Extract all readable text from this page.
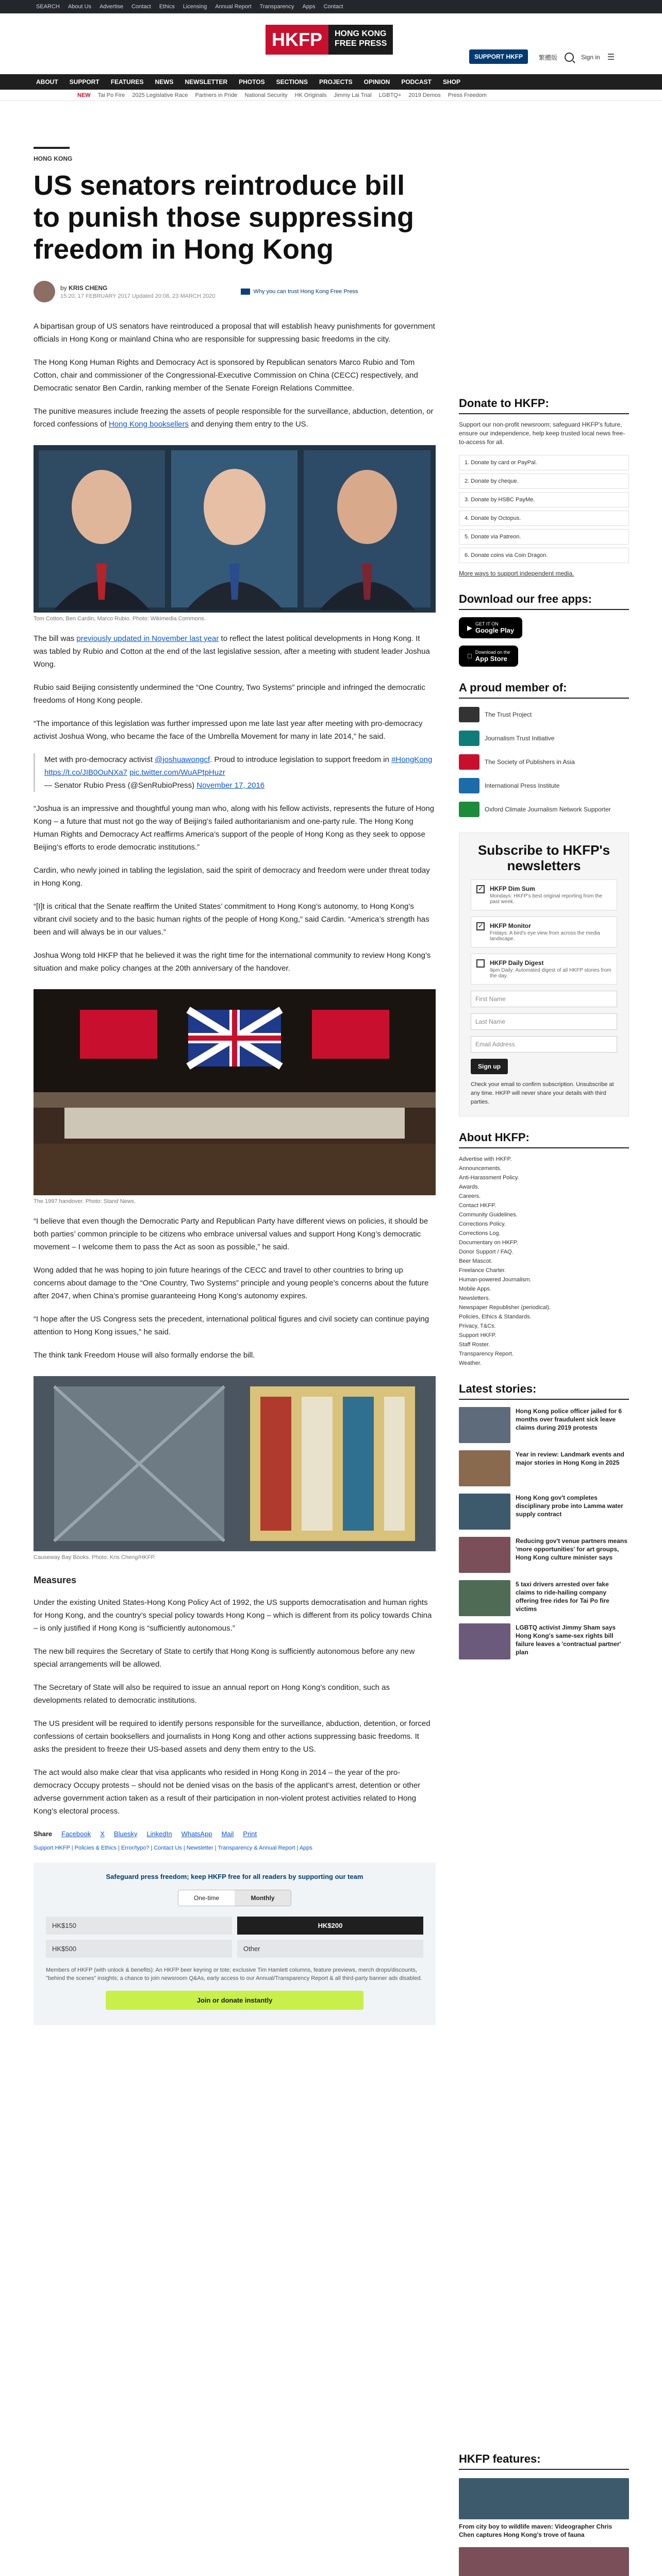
SEARCH About Us Advertise Contact Ethics Licensing Annual Report Transparency Apps Contact
HKFP	HONG KONG
FREE PRESS
SUPPORT HKFP	繁體版	Sign in ☰
ABOUT SUPPORT FEATURES NEWS NEWSLETTER PHOTOS SECTIONS PROJECTS OPINION PODCAST SHOP
NEW Tai Po Fire 2025 Legislative Race Partners in Pride National Security HK Originals Jimmy Lai Trial LGBTQ+ 2019 Demos Press Freedom
HONG KONG
US senators reintroduce bill to punish those suppressing freedom in Hong Kong
by KRIS CHENG
15:20, 17 FEBRUARY 2017 Updated 20:08, 23 MARCH 2020
Why you can trust Hong Kong Free Press

A bipartisan group of US senators have reintroduced a proposal that will establish heavy punishments for government officials in Hong Kong or mainland China who are responsible for suppressing basic freedoms in the city.

The Hong Kong Human Rights and Democracy Act is sponsored by Republican senators Marco Rubio and Tom Cotton, chair and commissioner of the Congressional-Executive Commission on China (CECC) respectively, and Democratic senator Ben Cardin, ranking member of the Senate Foreign Relations Committee.

The punitive measures include freezing the assets of people responsible for the surveillance, abduction, detention, or forced confessions of Hong Kong booksellers and denying them entry to the US.

Tom Cotton, Ben Cardin, Marco Rubio. Photo: Wikimedia Commons.

The bill was previously updated in November last year to reflect the latest political developments in Hong Kong. It was tabled by Rubio and Cotton at the end of the last legislative session, after a meeting with student leader Joshua Wong.

Rubio said Beijing consistently undermined the “One Country, Two Systems” principle and infringed the democratic freedoms of Hong Kong people.

“The importance of this legislation was further impressed upon me late last year after meeting with pro-democracy activist Joshua Wong, who became the face of the Umbrella Movement for many in late 2014,” he said.

Met with pro-democracy activist @joshuawongcf. Proud to introduce legislation to support freedom in #HongKong https://t.co/JIB0OuNXa7 pic.twitter.com/WuAPtpHuzr
— Senator Rubio Press (@SenRubioPress) November 17, 2016

“Joshua is an impressive and thoughtful young man who, along with his fellow activists, represents the future of Hong Kong – a future that must not go the way of Beijing’s failed authoritarianism and one-party rule. The Hong Kong Human Rights and Democracy Act reaffirms America’s support of the people of Hong Kong as they seek to oppose Beijing’s efforts to erode democratic institutions.”

Cardin, who newly joined in tabling the legislation, said the spirit of democracy and freedom were under threat today in Hong Kong.

“[I]t is critical that the Senate reaffirm the United States’ commitment to Hong Kong’s autonomy, to Hong Kong’s vibrant civil society and to the basic human rights of the people of Hong Kong,” said Cardin. “America’s strength has been and will always be in our values.”

Joshua Wong told HKFP that he believed it was the right time for the international community to review Hong Kong’s situation and make policy changes at the 20th anniversary of the handover.

The 1997 handover. Photo: Stand News.

“I believe that even though the Democratic Party and Republican Party have different views on policies, it should be both parties’ common principle to be citizens who embrace universal values and support Hong Kong’s democratic movement – I welcome them to pass the Act as soon as possible,” he said.

Wong added that he was hoping to join future hearings of the CECC and travel to other countries to bring up concerns about damage to the “One Country, Two Systems” principle and young people’s concerns about the future after 2047, when China’s promise guaranteeing Hong Kong’s autonomy expires.

“I hope after the US Congress sets the precedent, international political figures and civil society can continue paying attention to Hong Kong issues,” he said.

The think tank Freedom House will also formally endorse the bill.

Causeway Bay Books. Photo: Kris Cheng/HKFP.
Measures

Under the existing United States-Hong Kong Policy Act of 1992, the US supports democratisation and human rights for Hong Kong, and the country’s special policy towards Hong Kong – which is different from its policy towards China – is only justified if Hong Kong is “sufficiently autonomous.”

The new bill requires the Secretary of State to certify that Hong Kong is sufficiently autonomous before any new special arrangements will be allowed.

The Secretary of State will also be required to issue an annual report on Hong Kong’s condition, such as developments related to democratic institutions.

The US president will be required to identify persons responsible for the surveillance, abduction, detention, or forced confessions of certain booksellers and journalists in Hong Kong and other actions suppressing basic freedoms. It asks the president to freeze their US-based assets and deny them entry to the US.

The act would also make clear that visa applicants who resided in Hong Kong in 2014 – the year of the pro-democracy Occupy protests – should not be denied visas on the basis of the applicant’s arrest, detention or other adverse government action taken as a result of their participation in non-violent protest activities related to Hong Kong’s electoral process.

Share Facebook X Bluesky LinkedIn WhatsApp Mail Print
Support HKFP | Policies & Ethics | Error/typo? | Contact Us | Newsletter | Transparency & Annual Report | Apps
Safeguard press freedom; keep HKFP free for all readers by supporting our team
One-time	Monthly
HK$150	HK$200
HK$500	Other
Members of HKFP (with unlock & benefits): An HKFP beer keyring or tote; exclusive Tim Hamlett columns, feature previews, merch drops/discounts, "behind the scenes" insights; a chance to join newsroom Q&As, early access to our Annual/Transparency Report & all third-party banner ads disabled.
Join or donate instantly
Donate to HKFP:
Support our non-profit newsroom; safeguard HKFP's future, ensure our independence, help keep trusted local news free-to-access for all.
1. Donate by card or PayPal.
2. Donate by cheque.
3. Donate by HSBC PayMe.
4. Donate by Octopus.
5. Donate via Patreon.
6. Donate coins via Coin Dragon.
More ways to support independent media.
Download our free apps:
▶ GET IT ON
Google Play

Download on the
App Store
A proud member of:
The Trust Project
Journalism Trust Initiative
The Society of Publishers in Asia
International Press Institute
Oxford Climate Journalism Network Supporter
Subscribe to HKFP's newsletters
✓
HKFP Dim Sum
Mondays: HKFP's best original reporting from the past week.
✓
HKFP Monitor
Fridays: A bird's eye view from across the media landscape.
HKFP Daily Digest
9pm Daily: Automated digest of all HKFP stories from the day.
First Name
Last Name
Email Address
Sign up
Check your email to confirm subscription. Unsubscribe at any time. HKFP will never share your details with third parties.
About HKFP:
Advertise with HKFP.
Announcements.
Anti-Harassment Policy.
Awards.
Careers.
Contact HKFP.
Community Guidelines.
Corrections Policy.
Corrections Log.
Documentary on HKFP.
Donor Support / FAQ.
Beer Mascot.
Freelance Charter.
Human-powered Journalism.
Mobile Apps.
Newsletters.
Newspaper Republisher (periodical).
Policies, Ethics & Standards.
Privacy, T&Cs.
Support HKFP.
Staff Roster.
Transparency Report.
Weather.
Latest stories:
Hong Kong police officer jailed for 6 months over fraudulent sick leave claims during 2019 protests
Year in review: Landmark events and major stories in Hong Kong in 2025
Hong Kong gov't completes disciplinary probe into Lamma water supply contract
Reducing gov't venue partners means 'more opportunities' for art groups, Hong Kong culture minister says
5 taxi drivers arrested over fake claims to ride-hailing company offering free rides for Tai Po fire victims
LGBTQ activist Jimmy Sham says Hong Kong's same-sex rights bill failure leaves a 'contractual partner' plan
HKFP features:
From city boy to wildlife maven: Videographer Chris Chen captures Hong Kong's trove of fauna
